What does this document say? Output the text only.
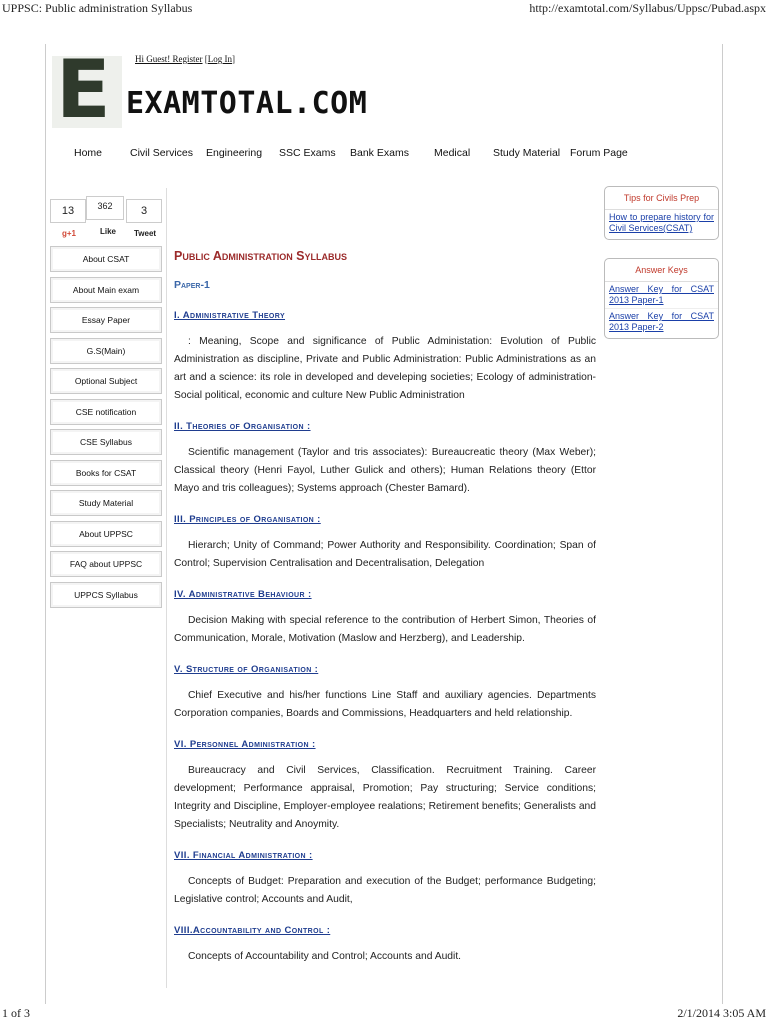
UPPSC: Public administration Syllabus	http://examtotal.com/Syllabus/Uppsc/Pubad.aspx
E	Hi Guest! Register [Log In]
EXAMTOTAL.COM
Home	Civil Services Engineering SSC Exams Bank Exams Medical Study Material Forum Page
13	362	3
g+1	Like Tweet
About CSAT
About Main exam
Essay Paper
G.S(Main)
Optional Subject
CSE notification
CSE Syllabus
Books for CSAT
Study Material
About UPPSC
FAQ about UPPSC
UPPCS Syllabus
Public Administration Syllabus
Paper-1
I. Administrative Theory
: Meaning, Scope and significance of Public Administation: Evolution of Public Administration as discipline, Private and Public Administration: Public Administrations as an art and a science: its role in developed and develeping societies; Ecology of administration- Social political, economic and culture New Public Administration
II. Theories of Organisation :
Scientific management (Taylor and tris associates): Bureaucreatic theory (Max Weber); Classical theory (Henri Fayol, Luther Gulick and others); Human Relations theory (Ettor Mayo and tris colleagues); Systems approach (Chester Bamard).
III. Principles of Organisation :
Hierarch; Unity of Command; Power Authority and Responsibility. Coordination; Span of Control; Supervision Centralisation and Decentralisation, Delegation
IV. Administrative Behaviour :
Decision Making with special reference to the contribution of Herbert Simon, Theories of Communication, Morale, Motivation (Maslow and Herzberg), and Leadership.
V. Structure of Organisation :
Chief Executive and his/her functions Line Staff and auxiliary agencies. Departments Corporation companies, Boards and Commissions, Headquarters and held relationship.
VI. Personnel Administration :
Bureaucracy and Civil Services, Classification. Recruitment Training. Career development; Performance appraisal, Promotion; Pay structuring; Service conditions; Integrity and Discipline, Employer-employee realations; Retirement benefits; Generalists and Specialists; Neutrality and Anoymity.
VII. Financial Administration :
Concepts of Budget: Preparation and execution of the Budget; performance Budgeting; Legislative control; Accounts and Audit,
VIII.Accountability and Control :
Concepts of Accountability and Control; Accounts and Audit.
Tips for Civils Prep
How to prepare history for Civil Services(CSAT)
Answer Keys
Answer Key for CSAT 2013 Paper-1
Answer Key for CSAT 2013 Paper-2
1 of 3	2/1/2014 3:05 AM
